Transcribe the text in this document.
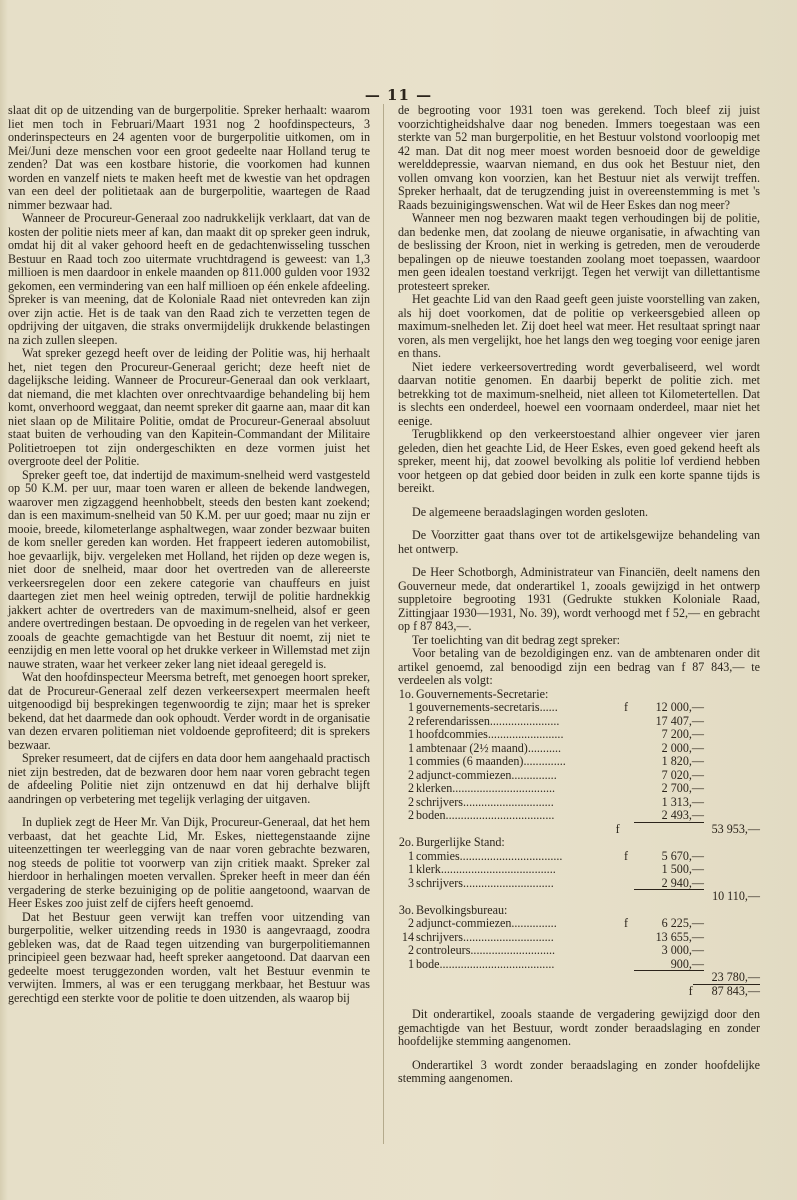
— 11 —

slaat dit op de uitzending van de burgerpolitie. Spreker herhaalt: waarom liet men toch in Februari/Maart 1931 nog 2 hoofdinspecteurs, 3 onderinspecteurs en 24 agenten voor de burgerpolitie uitkomen, om in Mei/Juni deze menschen voor een groot gedeelte naar Holland terug te zenden? Dat was een kostbare historie, die voorkomen had kunnen worden en vanzelf niets te maken heeft met de kwestie van het opdragen van een deel der politietaak aan de burgerpolitie, waartegen de Raad nimmer bezwaar had.

Wanneer de Procureur-Generaal zoo nadrukkelijk verklaart, dat van de kosten der politie niets meer af kan, dan maakt dit op spreker geen indruk, omdat hij dit al vaker gehoord heeft en de gedachtenwisseling tusschen Bestuur en Raad toch zoo uitermate vruchtdragend is geweest: van 1,3 millioen is men daardoor in enkele maanden op 811.000 gulden voor 1932 gekomen, een vermindering van een half millioen op één enkele afdeeling. Spreker is van meening, dat de Koloniale Raad niet ontevreden kan zijn over zijn actie. Het is de taak van den Raad zich te verzetten tegen de opdrijving der uitgaven, die straks onvermijdelijk drukkende belastingen na zich zullen sleepen.

Wat spreker gezegd heeft over de leiding der Politie was, hij herhaalt het, niet tegen den Procureur-Generaal gericht; deze heeft niet de dagelijksche leiding. Wanneer de Procureur-Generaal dan ook verklaart, dat niemand, die met klachten over onrechtvaardige behandeling bij hem komt, onverhoord weggaat, dan neemt spreker dit gaarne aan, maar dit kan niet slaan op de Militaire Politie, omdat de Procureur-Generaal absoluut staat buiten de verhouding van den Kapitein-Commandant der Militaire Politietroepen tot zijn ondergeschikten en deze vormen juist het overgroote deel der Politie.

Spreker geeft toe, dat indertijd de maximum-snelheid werd vastgesteld op 50 K.M. per uur, maar toen waren er alleen de bekende landwegen, waarover men zigzaggend heenhobbelt, steeds den besten kant zoekend; dan is een maximum-snelheid van 50 K.M. per uur goed; maar nu zijn er mooie, breede, kilometerlange asphaltwegen, waar zonder bezwaar buiten de kom sneller gereden kan worden. Het frappeert iederen automobilist, hoe gevaarlijk, bijv. vergeleken met Holland, het rijden op deze wegen is, niet door de snelheid, maar door het overtreden van de allereerste verkeersregelen door een zekere categorie van chauffeurs en juist daartegen ziet men heel weinig optreden, terwijl de politie hardnekkig jakkert achter de overtreders van de maximum-snelheid, alsof er geen andere overtredingen bestaan. De opvoeding in de regelen van het verkeer, zooals de geachte gemachtigde van het Bestuur dit noemt, zij niet te eenzijdig en men lette vooral op het drukke verkeer in Willemstad met zijn nauwe straten, waar het verkeer zeker lang niet ideaal geregeld is.

Wat den hoofdinspecteur Meersma betreft, met genoegen hoort spreker, dat de Procureur-Generaal zelf dezen verkeersexpert meermalen heeft uitgenoodigd bij besprekingen tegenwoordig te zijn; maar het is spreker bekend, dat het daarmede dan ook ophoudt. Verder wordt in de organisatie van dezen ervaren politieman niet voldoende geprofiteerd; dit is sprekers bezwaar.

Spreker resumeert, dat de cijfers en data door hem aangehaald practisch niet zijn bestreden, dat de bezwaren door hem naar voren gebracht tegen de afdeeling Politie niet zijn ontzenuwd en dat hij derhalve blijft aandringen op verbetering met tegelijk verlaging der uitgaven.

In dupliek zegt de Heer Mr. Van Dijk, Procureur-Generaal, dat het hem verbaast, dat het geachte Lid, Mr. Eskes, niettegenstaande zijne uiteenzettingen ter weerlegging van de naar voren gebrachte bezwaren, nog steeds de politie tot voorwerp van zijn critiek maakt. Spreker zal hierdoor in herhalingen moeten vervallen. Spreker heeft in meer dan één vergadering de sterke bezuiniging op de politie aangetoond, waarvan de Heer Eskes zoo juist zelf de cijfers heeft genoemd.

Dat het Bestuur geen verwijt kan treffen voor uitzending van burgerpolitie, welker uitzending reeds in 1930 is aangevraagd, zoodra gebleken was, dat de Raad tegen uitzending van burgerpolitiemannen principieel geen bezwaar had, heeft spreker aangetoond. Dat daarvan een gedeelte moest teruggezonden worden, valt het Bestuur evenmin te verwijten. Immers, al was er een teruggang merkbaar, het Bestuur was gerechtigd een sterkte voor de politie te doen uitzenden, als waarop bij

de begrooting voor 1931 toen was gerekend. Toch bleef zij juist voorzichtigheidshalve daar nog beneden. Immers toegestaan was een sterkte van 52 man burgerpolitie, en het Bestuur volstond voorloopig met 42 man. Dat dit nog meer moest worden besnoeid door de geweldige werelddepressie, waarvan niemand, en dus ook het Bestuur niet, den vollen omvang kon voorzien, kan het Bestuur niet als verwijt treffen. Spreker herhaalt, dat de terugzending juist in overeenstemming is met 's Raads bezuinigingswenschen. Wat wil de Heer Eskes dan nog meer?

Wanneer men nog bezwaren maakt tegen verhoudingen bij de politie, dan bedenke men, dat zoolang de nieuwe organisatie, in afwachting van de beslissing der Kroon, niet in werking is getreden, men de verouderde bepalingen op de nieuwe toestanden zoolang moet toepassen, waardoor men geen idealen toestand verkrijgt. Tegen het verwijt van dillettantisme protesteert spreker.

Het geachte Lid van den Raad geeft geen juiste voorstelling van zaken, als hij doet voorkomen, dat de politie op verkeersgebied alleen op maximum-snelheden let. Zij doet heel wat meer. Het resultaat springt naar voren, als men vergelijkt, hoe het langs den weg toeging voor eenige jaren en thans.

Niet iedere verkeersovertreding wordt geverbaliseerd, wel wordt daarvan notitie genomen. En daarbij beperkt de politie zich. met betrekking tot de maximum-snelheid, niet alleen tot Kilometertellen. Dat is slechts een onderdeel, hoewel een voornaam onderdeel, maar niet het eenige.

Terugblikkend op den verkeerstoestand alhier ongeveer vier jaren geleden, dien het geachte Lid, de Heer Eskes, even goed gekend heeft als spreker, meent hij, dat zoowel bevolking als politie lof verdiend hebben voor hetgeen op dat gebied door beiden in zulk een korte spanne tijds is bereikt.

De algemeene beraadslagingen worden gesloten.

De Voorzitter gaat thans over tot de artikelsgewijze behandeling van het ontwerp.

De Heer Schotborgh, Administrateur van Financiën, deelt namens den Gouverneur mede, dat onderartikel 1, zooals gewijzigd in het ontwerp suppletoire begrooting 1931 (Gedrukte stukken Koloniale Raad, Zittingjaar 1930—1931, No. 39), wordt verhoogd met f 52,— en gebracht op f 87 843,—.

Ter toelichting van dit bedrag zegt spreker:

Voor betaling van de bezoldigingen enz. van de ambtenaren onder dit artikel genoemd, zal benoodigd zijn een bedrag van f 87 843,— te verdeelen als volgt:

1o. Gouvernements-Secretarie:
1 gouvernements-secretaris......	f	12 000,—
2 referendarissen.......................	17 407,—
1 hoofdcommies.........................	7 200,—
1 ambtenaar (2½ maand)...........	2 000,—
1 commies (6 maanden)..............	1 820,—
2 adjunct-commiezen...............	7 020,—
2 klerken..................................	2 700,—
2 schrijvers..............................	1 313,—
2 boden....................................	2 493,—
f	53 953,—
2o. Burgerlijke Stand:
1 commies..................................	f	5 670,—
1 klerk......................................	1 500,—
3 schrijvers..............................	2 940,—
10 110,—
3o. Bevolkingsbureau:
2 adjunct-commiezen...............	f	6 225,—
14 schrijvers..............................	13 655,—
2 controleurs............................	3 000,—
1 bode......................................	900,—
23 780,—
f	87 843,—

Dit onderartikel, zooals staande de vergadering gewijzigd door den gemachtigde van het Bestuur, wordt zonder beraadslaging en zonder hoofdelijke stemming aangenomen.

Onderartikel 3 wordt zonder beraadslaging en zonder hoofdelijke stemming aangenomen.
